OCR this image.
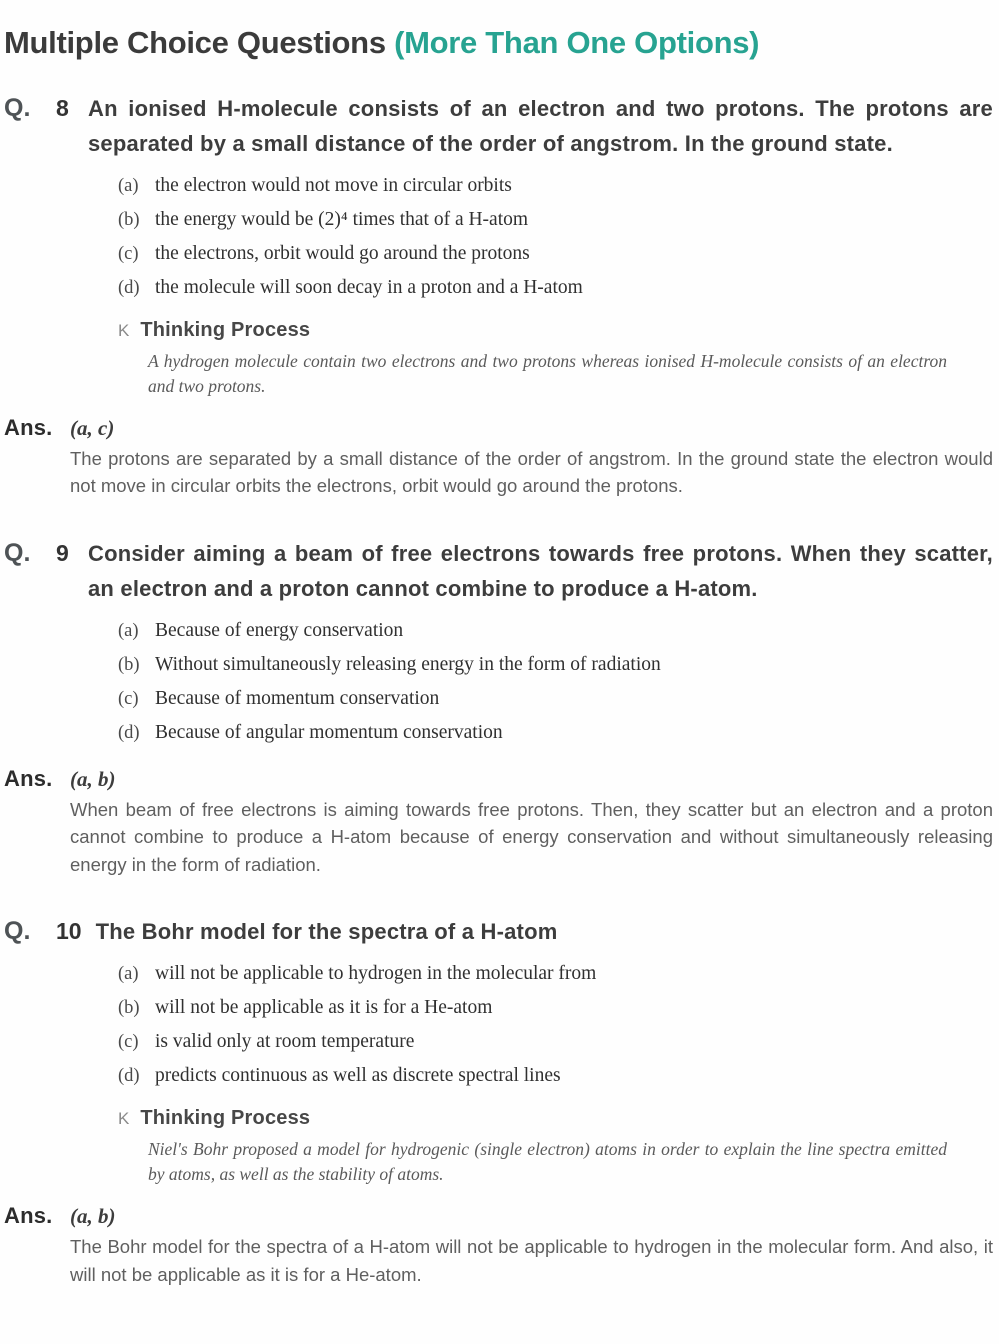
Multiple Choice Questions (More Than One Options)
Q.	8 An ionised H-molecule consists of an electron and two protons. The protons are separated by a small distance of the order of angstrom. In the ground state.
(a) the electron would not move in circular orbits
(b) the energy would be (2)⁴ times that of a H-atom
(c) the electrons, orbit would go around the protons
(d) the molecule will soon decay in a proton and a H-atom
K Thinking Process

A hydrogen molecule contain two electrons and two protons whereas ionised H-molecule consists of an electron and two protons.

Ans. (a, c)

The protons are separated by a small distance of the order of angstrom. In the ground state the electron would not move in circular orbits the electrons, orbit would go around the protons.

Q.	9 Consider aiming a beam of free electrons towards free protons. When they scatter, an electron and a proton cannot combine to produce a H-atom.
(a) Because of energy conservation
(b) Without simultaneously releasing energy in the form of radiation
(c) Because of momentum conservation
(d) Because of angular momentum conservation
Ans. (a, b)

When beam of free electrons is aiming towards free protons. Then, they scatter but an electron and a proton cannot combine to produce a H-atom because of energy conservation and without simultaneously releasing energy in the form of radiation.

Q.	10 The Bohr model for the spectra of a H-atom
(a) will not be applicable to hydrogen in the molecular from
(b) will not be applicable as it is for a He-atom
(c) is valid only at room temperature
(d) predicts continuous as well as discrete spectral lines
K Thinking Process

Niel's Bohr proposed a model for hydrogenic (single electron) atoms in order to explain the line spectra emitted by atoms, as well as the stability of atoms.

Ans. (a, b)

The Bohr model for the spectra of a H-atom will not be applicable to hydrogen in the molecular form. And also, it will not be applicable as it is for a He-atom.
